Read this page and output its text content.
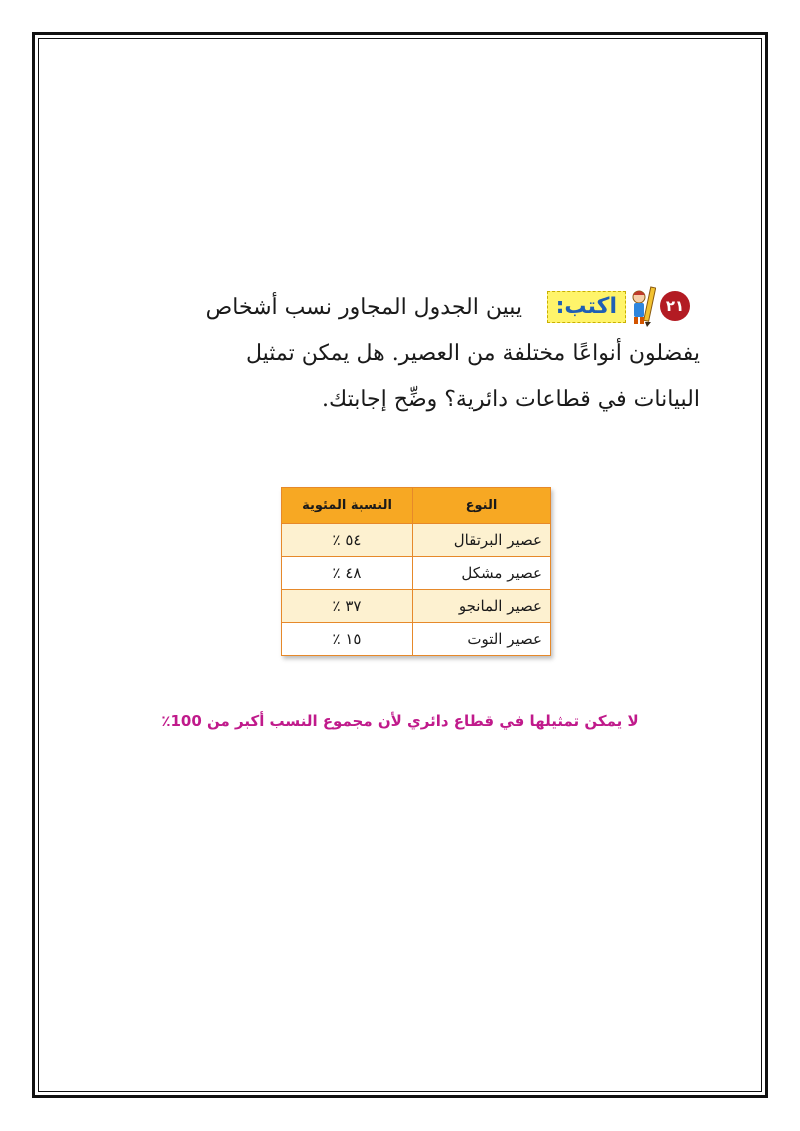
يبين الجدول المجاور نسب أشخاص
يفضلون أنواعًا مختلفة من العصير. هل يمكن تمثيل
البيانات في قطاعات دائرية؟ وضِّح إجابتك.
٢١
اكتب:
النوع	النسبة المئوية
عصير البرتقال	٥٤ ٪
عصير مشكل	٤٨ ٪
عصير المانجو	٣٧ ٪
عصير التوت	١٥ ٪
لا يمكن تمثيلها في قطاع دائري لأن مجموع النسب أكبر من 100٪
